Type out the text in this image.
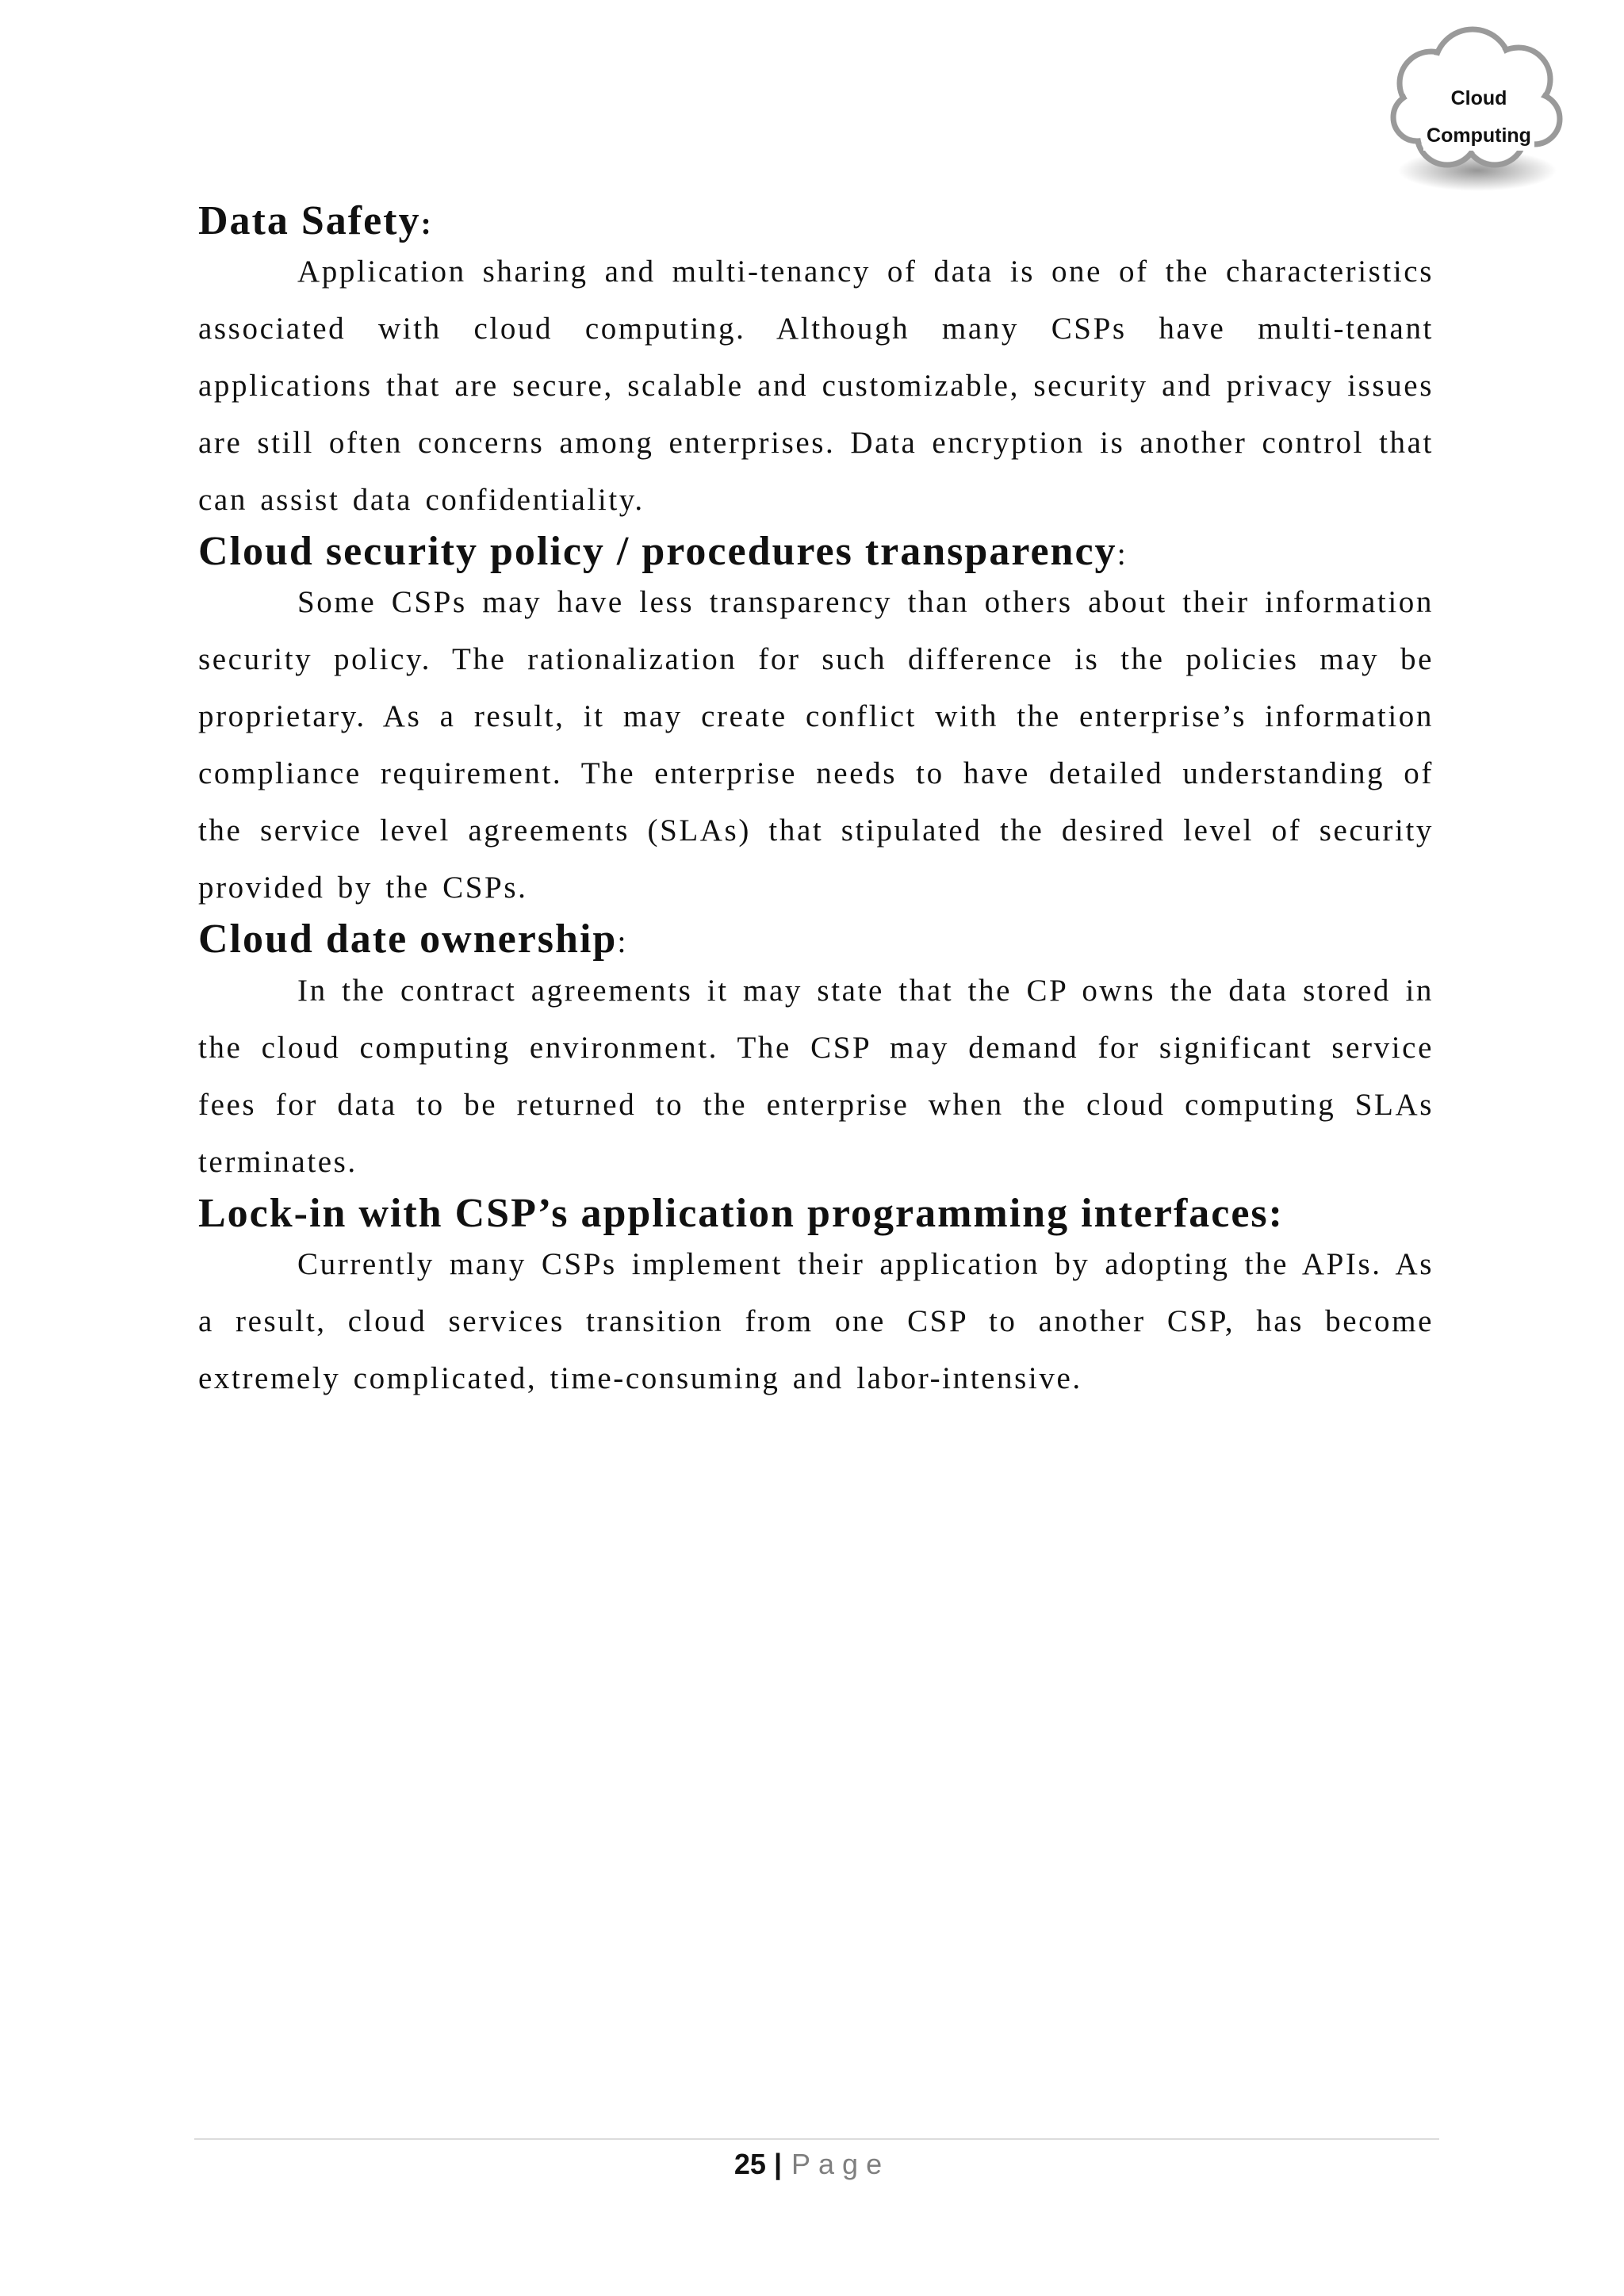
Cloud
Computing
Data Safety:

Application sharing and multi-tenancy of data is one of the characteristics associated with cloud computing. Although many CSPs have multi-tenant applications that are secure, scalable and customizable, security and privacy issues are still often concerns among enterprises. Data encryption is another control that can assist data confidentiality.

Cloud security policy / procedures transparency:

Some CSPs may have less transparency than others about their information security policy. The rationalization for such difference is the policies may be proprietary. As a result, it may create conflict with the enterprise’s information compliance requirement. The enterprise needs to have detailed understanding of the service level agreements (SLAs) that stipulated the desired level of security provided by the CSPs.

Cloud date ownership:

In the contract agreements it may state that the CP owns the data stored in the cloud computing environment. The CSP may demand for significant service fees for data to be returned to the enterprise when the cloud computing SLAs terminates.

Lock-in with CSP’s application programming interfaces:

Currently many CSPs implement their application by adopting the APIs. As a result, cloud services transition from one CSP to another CSP, has become extremely complicated, time-consuming and labor-intensive.

25 | Page
